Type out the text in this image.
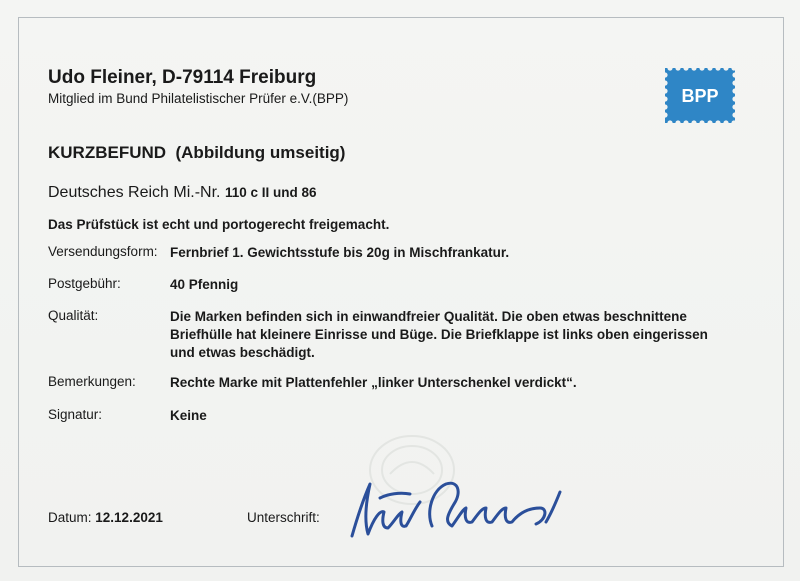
Udo Fleiner, D-79114 Freiburg
Mitglied im Bund Philatelistischer Prüfer e.V.(BPP)	BPP
KURZBEFUND  (Abbildung umseitig)
Deutsches Reich Mi.-Nr. 110 c II und 86
Das Prüfstück ist echt und portogerecht freigemacht.
Versendungsform: Fernbrief 1. Gewichtsstufe bis 20g in Mischfrankatur.
Postgebühr:	40 Pfennig
Qualität:	Die Marken befinden sich in einwandfreier Qualität. Die oben etwas beschnittene
Briefhülle hat kleinere Einrisse und Büge. Die Briefklappe ist links oben eingerissen
und etwas beschädigt.
Bemerkungen:	Rechte Marke mit Plattenfehler „linker Unterschenkel verdickt“.
Signatur:	Keine
Datum: 12.12.2021	Unterschrift:
